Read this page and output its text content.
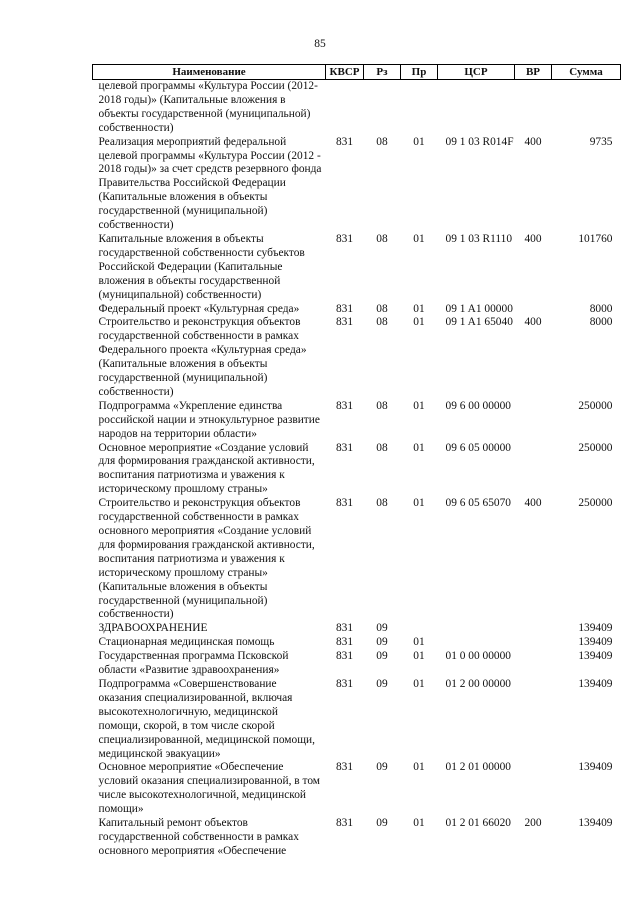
85
Наименование	КВСР	Рз	Пр	ЦСР	ВР	Сумма
целевой программы «Культура России (2012-2018 годы)» (Капитальные вложения в объекты государственной (муниципальной) собственности)						
Реализация мероприятий федеральной целевой программы «Культура России (2012 - 2018 годы)» за счет средств резервного фонда Правительства Российской Федерации (Капитальные вложения в объекты государственной (муниципальной) собственности)	831	08	01	09 1 03 R014F	400	9735
Капитальные вложения в объекты государственной собственности субъектов Российской Федерации (Капитальные вложения в объекты государственной (муниципальной) собственности)	831	08	01	09 1 03 R1110	400	101760
Федеральный проект «Культурная среда»	831	08	01	09 1 A1 00000		8000
Строительство и реконструкция объектов государственной собственности в рамках Федерального проекта «Культурная среда» (Капитальные вложения в объекты государственной (муниципальной) собственности)	831	08	01	09 1 A1 65040	400	8000
Подпрограмма «Укрепление единства российской нации и этнокультурное развитие народов на территории области»	831	08	01	09 6 00 00000		250000
Основное мероприятие «Создание условий для формирования гражданской активности, воспитания патриотизма и уважения к историческому прошлому страны»	831	08	01	09 6 05 00000		250000
Строительство и реконструкция объектов государственной собственности в рамках основного мероприятия «Создание условий для формирования гражданской активности, воспитания патриотизма и уважения к историческому прошлому страны» (Капитальные вложения в объекты государственной (муниципальной) собственности)	831	08	01	09 6 05 65070	400	250000
ЗДРАВООХРАНЕНИЕ	831	09				139409
Стационарная медицинская помощь	831	09	01			139409
Государственная программа Псковской области «Развитие здравоохранения»	831	09	01	01 0 00 00000		139409
Подпрограмма «Совершенствование оказания специализированной, включая высокотехнологичную, медицинской помощи, скорой, в том числе скорой специализированной, медицинской помощи, медицинской эвакуации»	831	09	01	01 2 00 00000		139409
Основное мероприятие «Обеспечение условий оказания специализированной, в том числе высокотехнологичной, медицинской помощи»	831	09	01	01 2 01 00000		139409
Капитальный ремонт объектов государственной собственности в рамках основного мероприятия «Обеспечение	831	09	01	01 2 01 66020	200	139409
